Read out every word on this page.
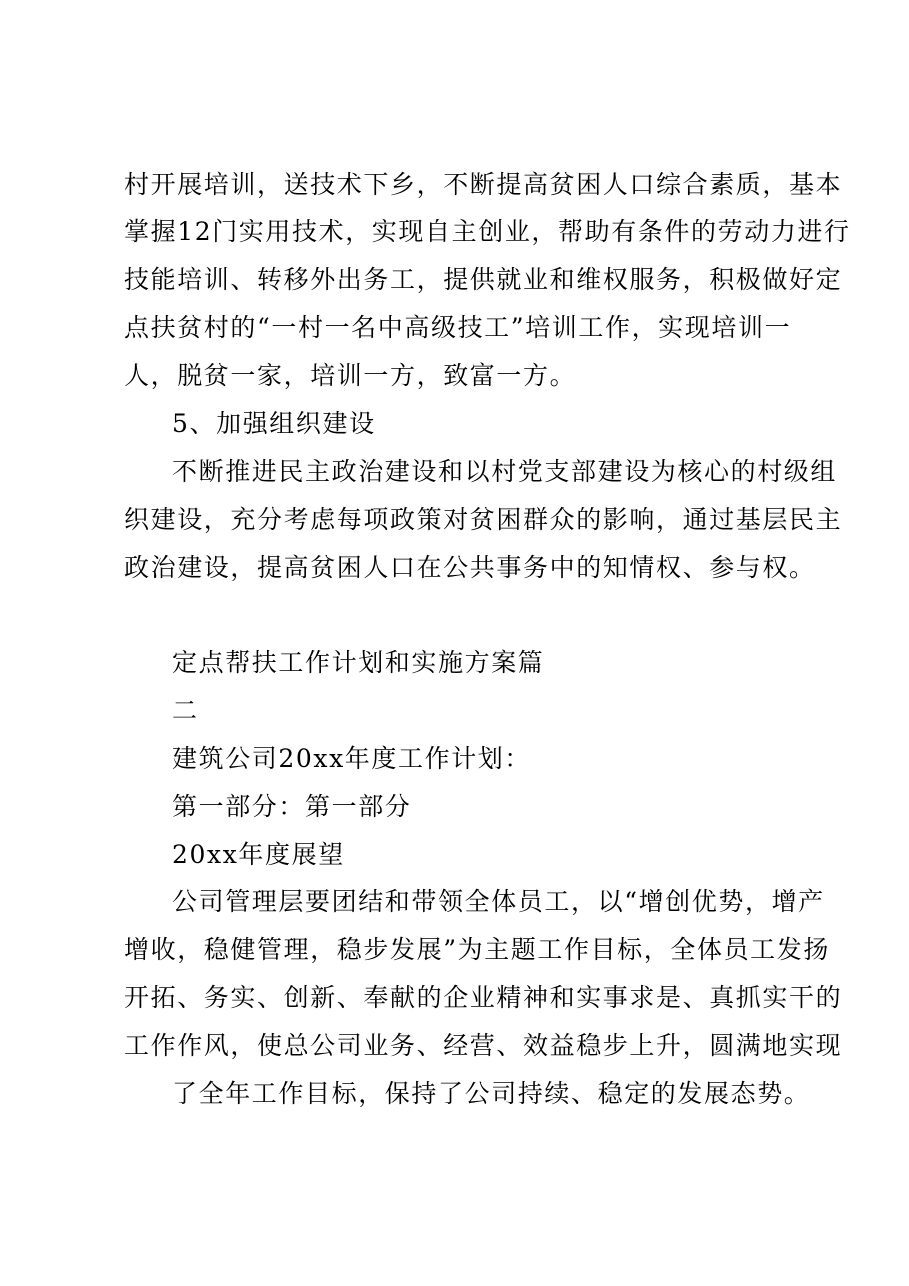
村开展培训，送技术下乡，不断提高贫困人口综合素质，基本
掌握12门实用技术，实现自主创业，帮助有条件的劳动力进行
技能培训、转移外出务工，提供就业和维权服务，积极做好定
点扶贫村的“一村一名中高级技工”培训工作，实现培训一
人，脱贫一家，培训一方，致富一方。
5、加强组织建设
不断推进民主政治建设和以村党支部建设为核心的村级组
织建设，充分考虑每项政策对贫困群众的影响，通过基层民主
政治建设，提高贫困人口在公共事务中的知情权、参与权。
定点帮扶工作计划和实施方案篇
二
建筑公司20xx年度工作计划：
第一部分：第一部分
20xx年度展望
公司管理层要团结和带领全体员工，以“增创优势，增产
增收，稳健管理，稳步发展”为主题工作目标，全体员工发扬
开拓、务实、创新、奉献的企业精神和实事求是、真抓实干的
工作作风，使总公司业务、经营、效益稳步上升，圆满地实现
了全年工作目标，保持了公司持续、稳定的发展态势。
